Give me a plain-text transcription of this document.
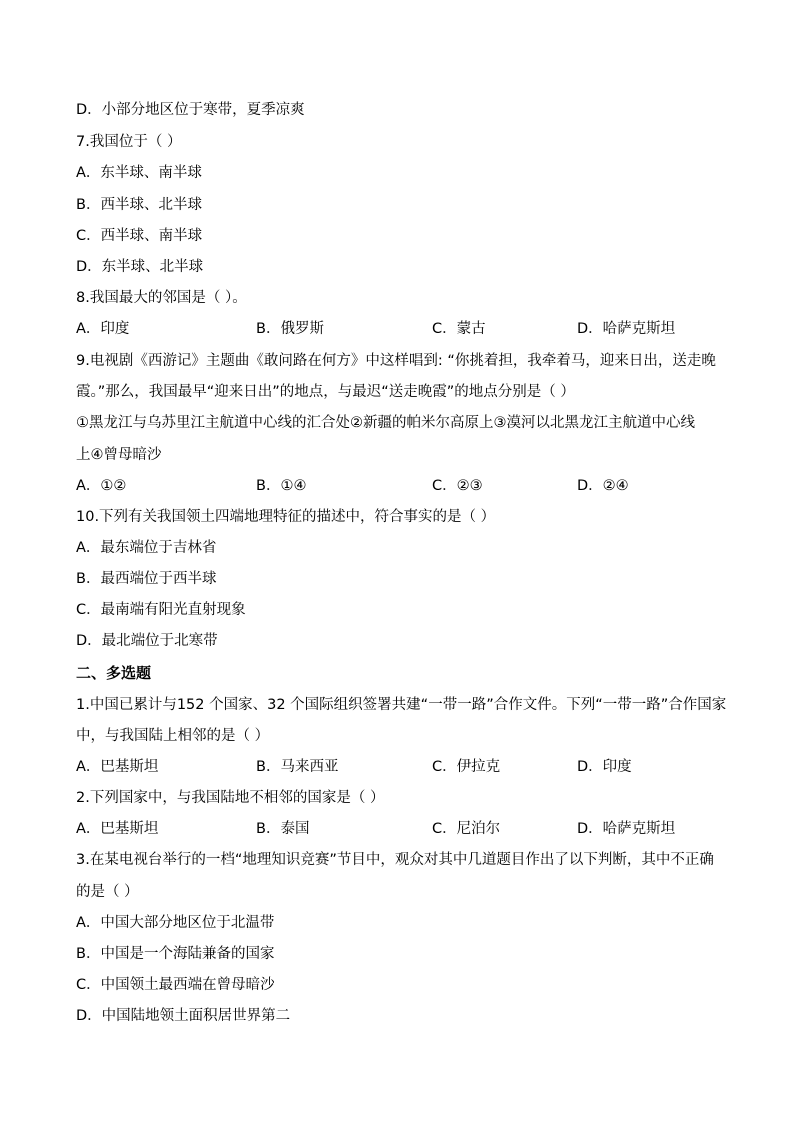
D．小部分地区位于寒带，夏季凉爽
7.我国位于（ ）
A．东半球、南半球
B．西半球、北半球
C．西半球、南半球
D．东半球、北半球
8.我国最大的邻国是（ ）。
A．印度	B．俄罗斯	C．蒙古	D．哈萨克斯坦
9.电视剧《西游记》主题曲《敢问路在何方》中这样唱到: “你挑着担，我牵着马，迎来日出，送走晚
霞。”那么，我国最早“迎来日出”的地点，与最迟“送走晚霞”的地点分别是（ ）
①黑龙江与乌苏里江主航道中心线的汇合处②新疆的帕米尔高原上③漠河以北黑龙江主航道中心线
上④曾母暗沙
A．①②	B．①④	C．②③	D．②④
10.下列有关我国领土四端地理特征的描述中，符合事实的是（ ）
A．最东端位于吉林省
B．最西端位于西半球
C．最南端有阳光直射现象
D．最北端位于北寒带
二、多选题
1.中国已累计与152 个国家、32 个国际组织签署共建“一带一路”合作文件。下列“一带一路”合作国家
中，与我国陆上相邻的是（ ）
A．巴基斯坦	B．马来西亚	C．伊拉克	D．印度
2.下列国家中，与我国陆地不相邻的国家是（ ）
A．巴基斯坦	B．泰国	C．尼泊尔	D．哈萨克斯坦
3.在某电视台举行的一档“地理知识竞赛”节目中，观众对其中几道题目作出了以下判断，其中不正确
的是（ ）
A．中国大部分地区位于北温带
B．中国是一个海陆兼备的国家
C．中国领土最西端在曾母暗沙
D．中国陆地领土面积居世界第二
